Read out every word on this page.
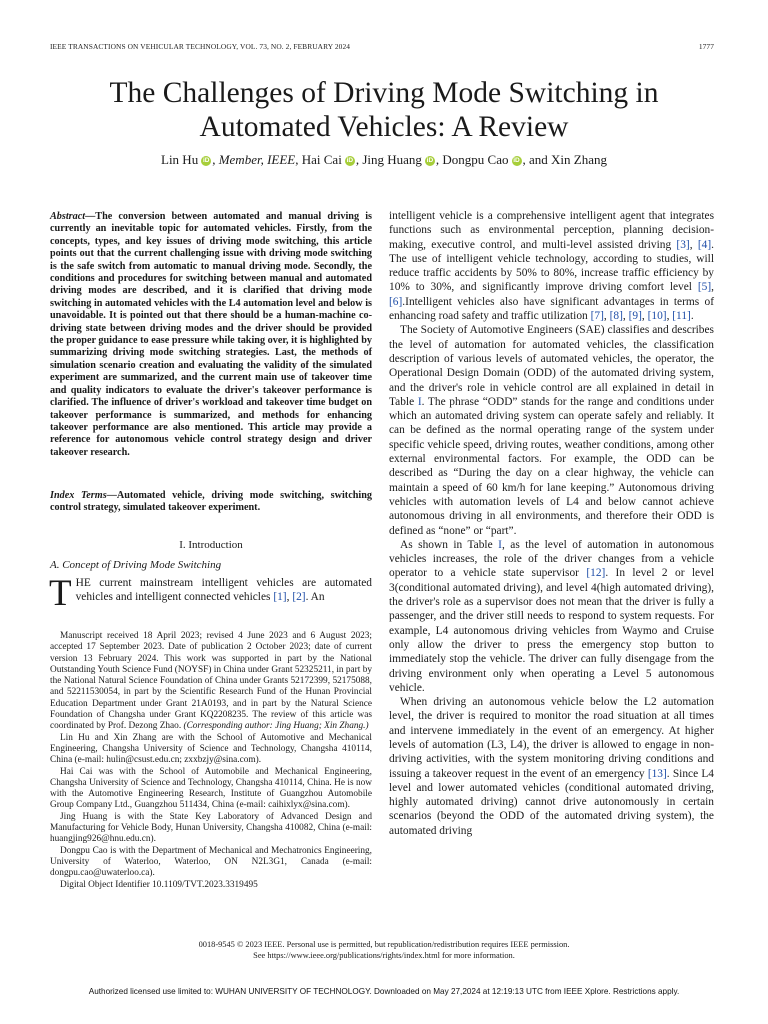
IEEE TRANSACTIONS ON VEHICULAR TECHNOLOGY, VOL. 73, NO. 2, FEBRUARY 2024	1777
The Challenges of Driving Mode Switching in
Automated Vehicles: A Review
Lin Hu iD , Member, IEEE, Hai Cai iD , Jing Huang iD , Dongpu Cao iD , and Xin Zhang
Abstract—The conversion between automated and manual driving is currently an inevitable topic for automated vehicles. Firstly, from the concepts, types, and key issues of driving mode switching, this article points out that the current challenging issue with driving mode switching is the safe switch from automatic to manual driving mode. Secondly, the conditions and procedures for switching between manual and automated driving modes are described, and it is clarified that driving mode switching in automated vehicles with the L4 automation level and below is unavoidable. It is pointed out that there should be a human-machine co-driving state between driving modes and the driver should be provided the proper guidance to ease pressure while taking over, it is highlighted by summarizing driving mode switching strategies. Last, the methods of simulation scenario creation and evaluating the validity of the simulated experiment are summarized, and the current main use of takeover time and quality indicators to evaluate the driver's takeover performance is clarified. The influence of driver's workload and takeover time budget on takeover performance is summarized, and methods for enhancing takeover performance are also mentioned. This article may provide a reference for autonomous vehicle control strategy design and driver takeover research.
Index Terms—Automated vehicle, driving mode switching, switching control strategy, simulated takeover experiment.
I. Introduction
A. Concept of Driving Mode Switching
THE current mainstream intelligent vehicles are automated vehicles and intelligent connected vehicles [1], [2]. An

Manuscript received 18 April 2023; revised 4 June 2023 and 6 August 2023; accepted 17 September 2023. Date of publication 2 October 2023; date of current version 13 February 2024. This work was supported in part by the National Outstanding Youth Science Fund (NOYSF) in China under Grant 52325211, in part by the National Natural Science Foundation of China under Grants 52172399, 52175088, and 52211530054, in part by the Scientific Research Fund of the Hunan Provincial Education Department under Grant 21A0193, and in part by the Natural Science Foundation of Changsha under Grant KQ2208235. The review of this article was coordinated by Prof. Dezong Zhao. (Corresponding author: Jing Huang; Xin Zhang.)

Lin Hu and Xin Zhang are with the School of Automotive and Mechanical Engineering, Changsha University of Science and Technology, Changsha 410114, China (e-mail: hulin@csust.edu.cn; zxxbzjy@sina.com).

Hai Cai was with the School of Automobile and Mechanical Engineering, Changsha University of Science and Technology, Changsha 410114, China. He is now with the Automotive Engineering Research, Institute of Guangzhou Automobile Group Company Ltd., Guangzhou 511434, China (e-mail: caihixlyx@sina.com).

Jing Huang is with the State Key Laboratory of Advanced Design and Manufacturing for Vehicle Body, Hunan University, Changsha 410082, China (e-mail: huangjing926@hnu.edu.cn).

Dongpu Cao is with the Department of Mechanical and Mechatronics Engineering, University of Waterloo, Waterloo, ON N2L3G1, Canada (e-mail: dongpu.cao@uwaterloo.ca).

Digital Object Identifier 10.1109/TVT.2023.3319495

intelligent vehicle is a comprehensive intelligent agent that integrates functions such as environmental perception, planning decision-making, executive control, and multi-level assisted driving [3], [4]. The use of intelligent vehicle technology, according to studies, will reduce traffic accidents by 50% to 80%, increase traffic efficiency by 10% to 30%, and significantly improve driving comfort level [5], [6].Intelligent vehicles also have significant advantages in terms of enhancing road safety and traffic utilization [7], [8], [9], [10], [11].

The Society of Automotive Engineers (SAE) classifies and describes the level of automation for automated vehicles, the classification description of various levels of automated vehicles, the operator, the Operational Design Domain (ODD) of the automated driving system, and the driver's role in vehicle control are all explained in detail in Table I. The phrase “ODD” stands for the range and conditions under which an automated driving system can operate safely and reliably. It can be defined as the normal operating range of the system under specific vehicle speed, driving routes, weather conditions, among other external environmental factors. For example, the ODD can be described as “During the day on a clear highway, the vehicle can maintain a speed of 60 km/h for lane keeping.” Autonomous driving vehicles with automation levels of L4 and below cannot achieve autonomous driving in all environments, and therefore their ODD is defined as “none” or “part”.

As shown in Table I, as the level of automation in autonomous vehicles increases, the role of the driver changes from a vehicle operator to a vehicle state supervisor [12]. In level 2 or level 3(conditional automated driving), and level 4(high automated driving), the driver's role as a supervisor does not mean that the driver is fully a passenger, and the driver still needs to respond to system requests. For example, L4 autonomous driving vehicles from Waymo and Cruise only allow the driver to press the emergency stop button to immediately stop the vehicle. The driver can fully disengage from the driving environment only when operating a Level 5 autonomous vehicle.

When driving an autonomous vehicle below the L2 automation level, the driver is required to monitor the road situation at all times and intervene immediately in the event of an emergency. At higher levels of automation (L3, L4), the driver is allowed to engage in non-driving activities, with the system monitoring driving conditions and issuing a takeover request in the event of an emergency [13]. Since L4 level and lower automated vehicles (conditional automated driving, highly automated driving) cannot drive autonomously in certain scenarios (beyond the ODD of the automated driving system), the automated driving

0018-9545 © 2023 IEEE. Personal use is permitted, but republication/redistribution requires IEEE permission.
See https://www.ieee.org/publications/rights/index.html for more information.
Authorized licensed use limited to: WUHAN UNIVERSITY OF TECHNOLOGY. Downloaded on May 27,2024 at 12:19:13 UTC from IEEE Xplore. Restrictions apply.
